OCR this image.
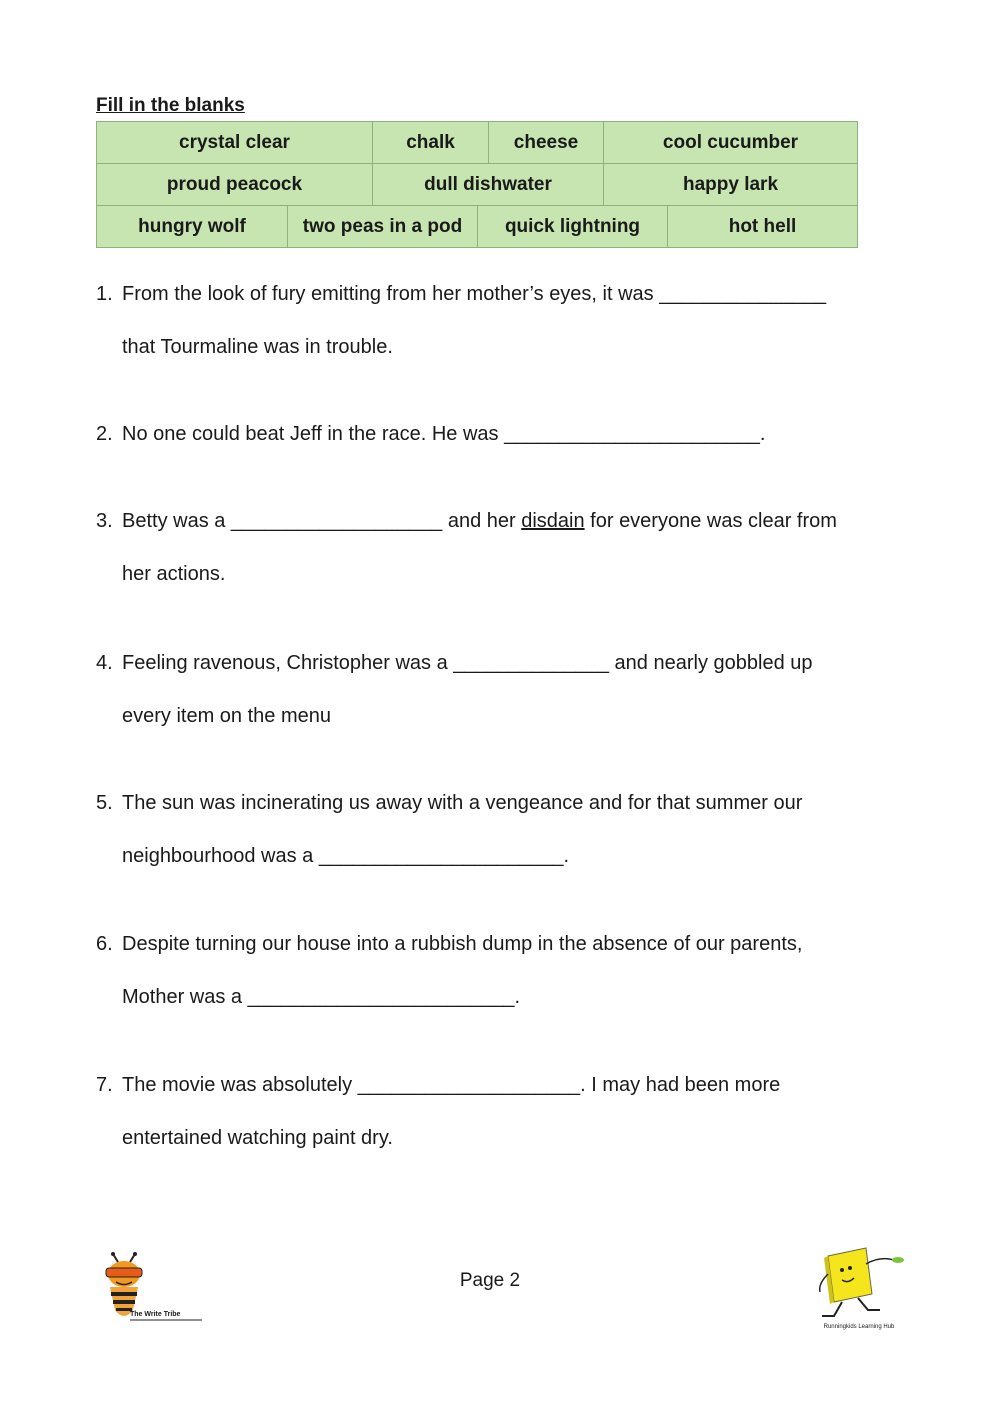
Fill in the blanks
crystal clear	chalk	cheese	cool cucumber
proud peacock	dull dishwater	happy lark
hungry wolf	two peas in a pod	quick lightning	hot hell
1. From the look of fury emitting from her mother’s eyes, it was _______________
that Tourmaline was in trouble.
2. No one could beat Jeff in the race. He was _______________________.
3. Betty was a ___________________ and her disdain for everyone was clear from
her actions.
4. Feeling ravenous, Christopher was a ______________ and nearly gobbled up
every item on the menu
5. The sun was incinerating us away with a vengeance and for that summer our
neighbourhood was a ______________________.
6. Despite turning our house into a rubbish dump in the absence of our parents,
Mother was a ________________________.
7. The movie was absolutely ____________________. I may had been more
entertained watching paint dry.
The Write Tribe
Page 2
Runningkids Learning Hub
